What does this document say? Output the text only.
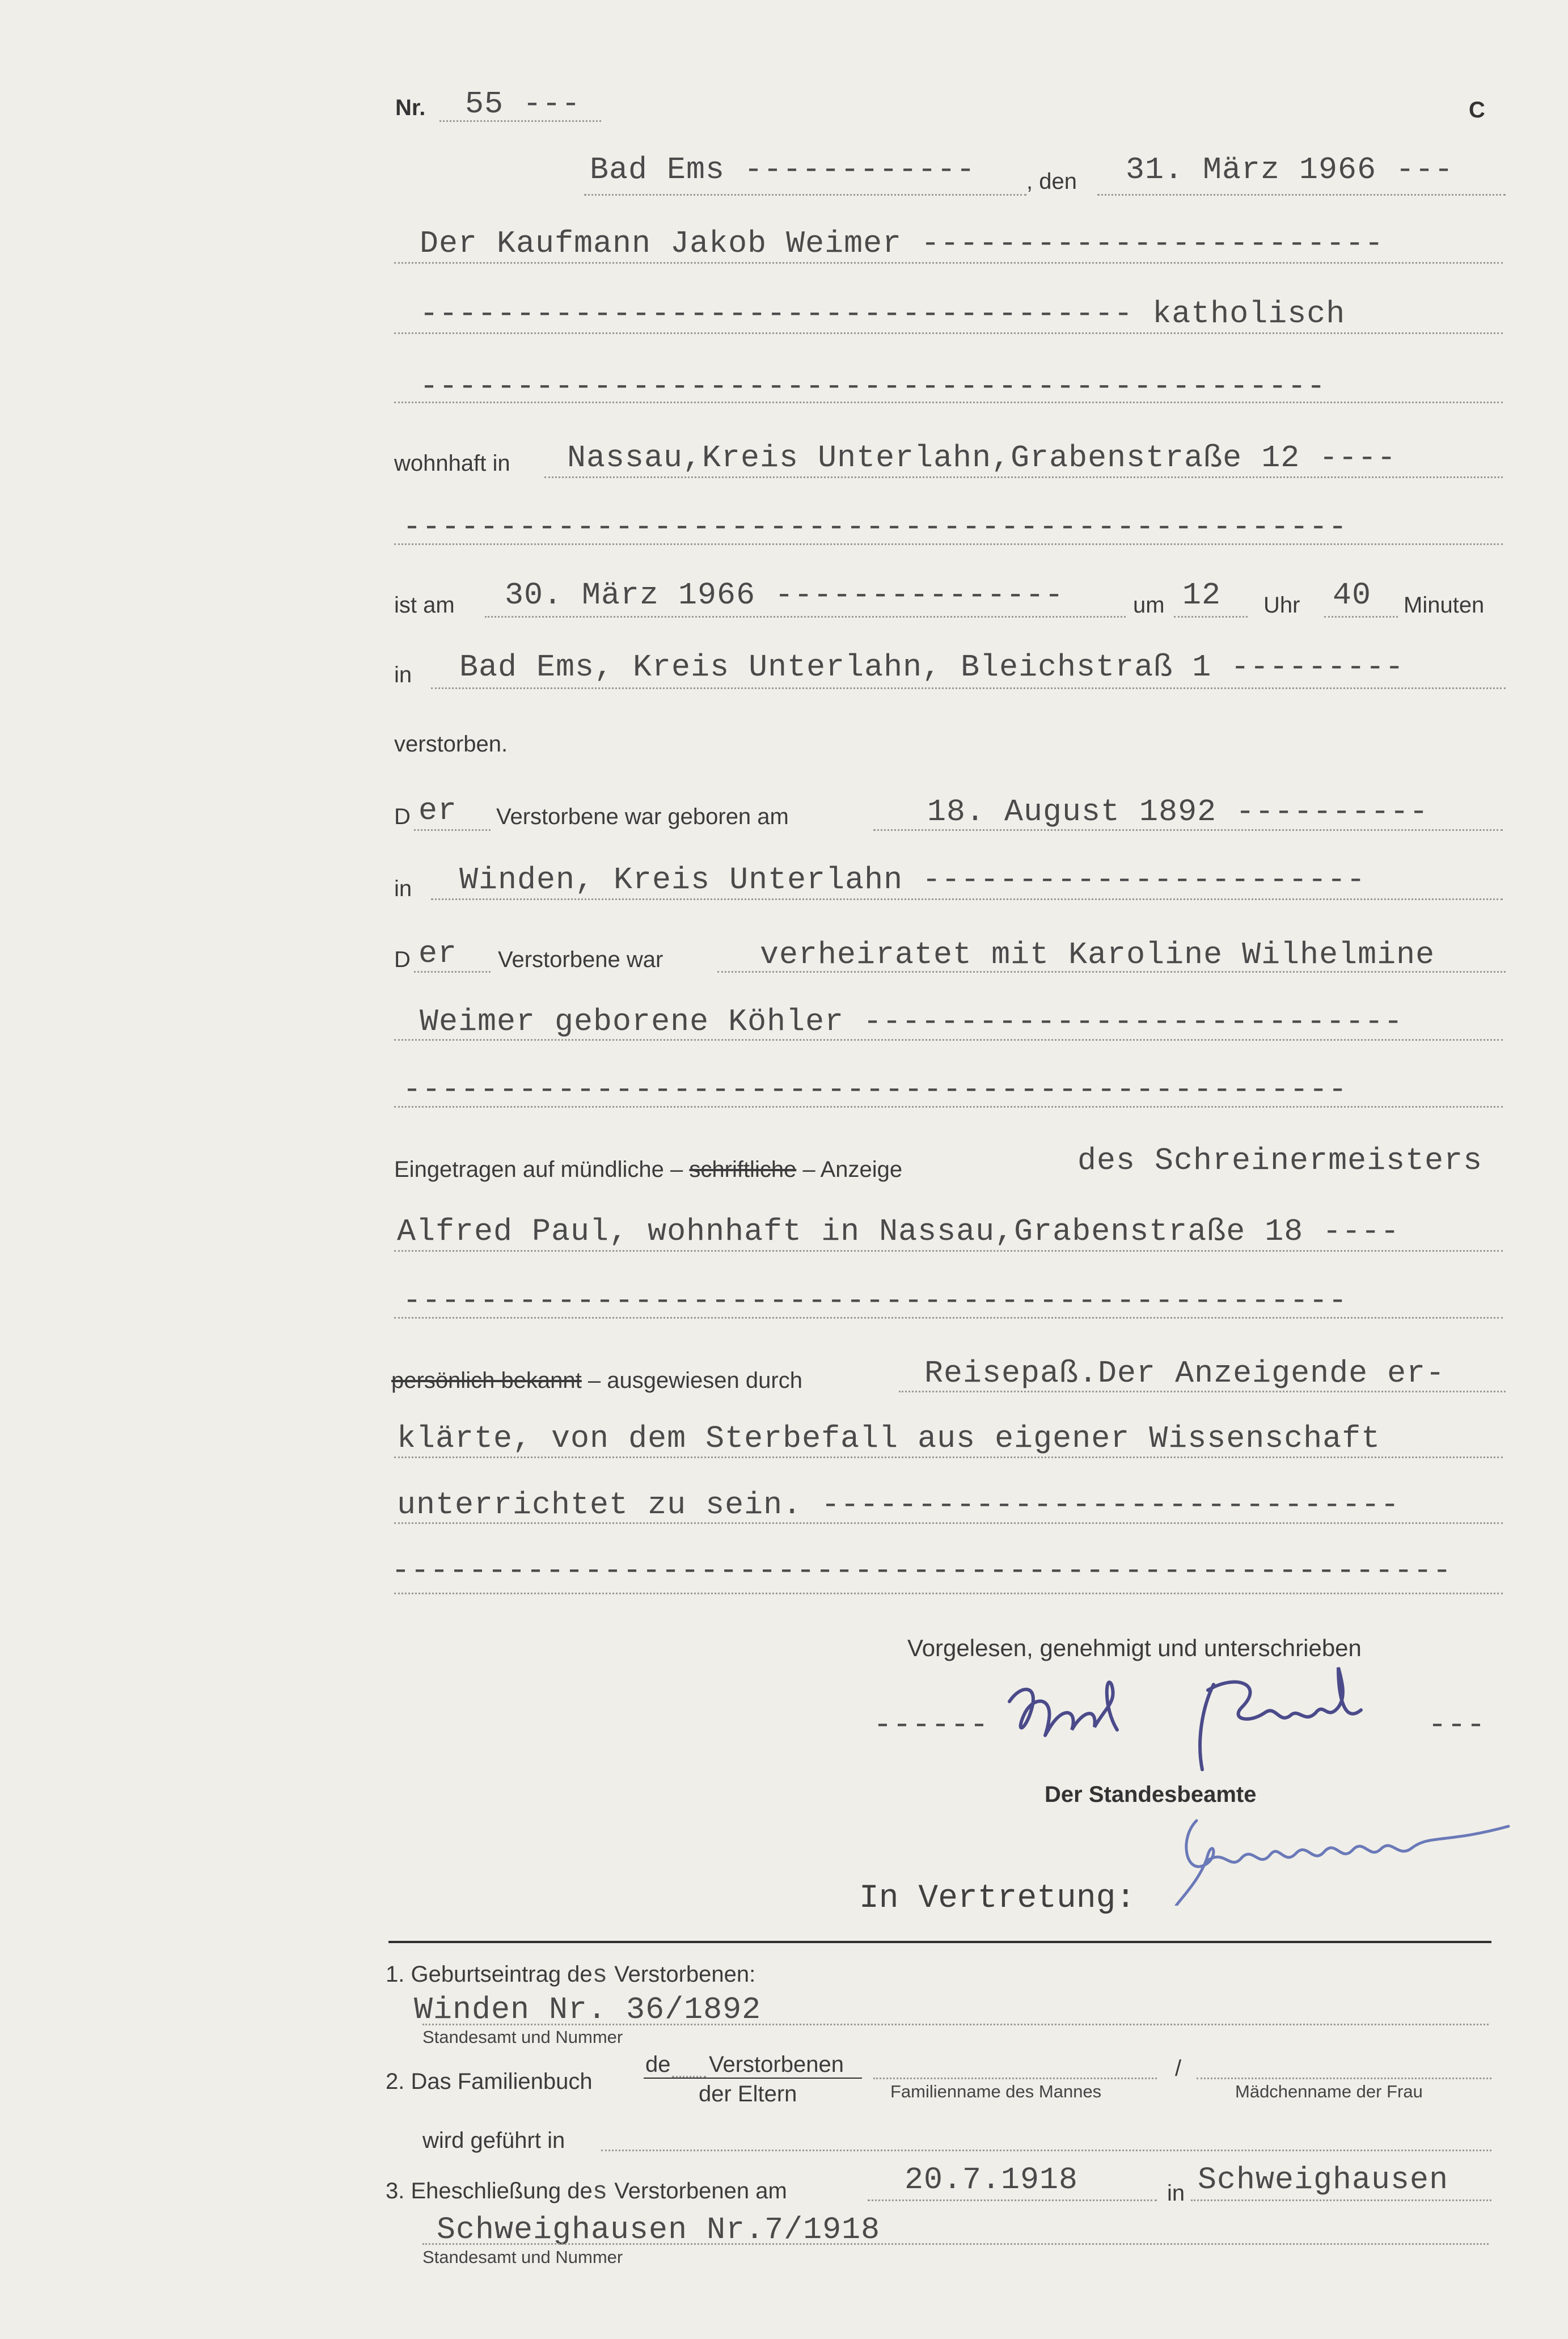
Nr. 55 ---	C
Bad Ems ------------ , den 31. März 1966 ---
Der Kaufmann Jakob Weimer ------------------------
------------------------------------- katholisch
-----------------------------------------------
wohnhaft in Nassau,Kreis Unterlahn,Grabenstraße 12 ----
-------------------------------------------------
ist am 30. März 1966 ---------------	um 12 Uhr 40 Minuten
in Bad Ems, Kreis Unterlahn, Bleichstraß 1 ---------
verstorben.
D er Verstorbene war geboren am	18. August 1892 ----------
in Winden, Kreis Unterlahn -----------------------
D er Verstorbene war	verheiratet mit Karoline Wilhelmine
Weimer geborene Köhler ----------------------------
-------------------------------------------------
Eingetragen auf mündliche – schriftliche – Anzeige	des Schreinermeisters
Alfred Paul, wohnhaft in Nassau,Grabenstraße 18 ----
-------------------------------------------------
persönlich bekannt – ausgewiesen durch	Reisepaß.Der Anzeigende er-
klärte, von dem Sterbefall aus eigener Wissenschaft
unterrichtet zu sein. ------------------------------
-------------------------------------------------------
Vorgelesen, genehmigt und unterschrieben
------	---
Der Standesbeamte
In Vertretung:
1. Geburtseintrag des Verstorbenen:
Winden Nr. 36/1892
Standesamt und Nummer
2. Das Familienbuch
de Verstorbenen
der Eltern
/
Familienname des Mannes	Mädchenname der Frau
wird geführt in
3. Eheschließung des Verstorbenen am	20.7.1918	in Schweighausen
Schweighausen Nr.7/1918
Standesamt und Nummer
